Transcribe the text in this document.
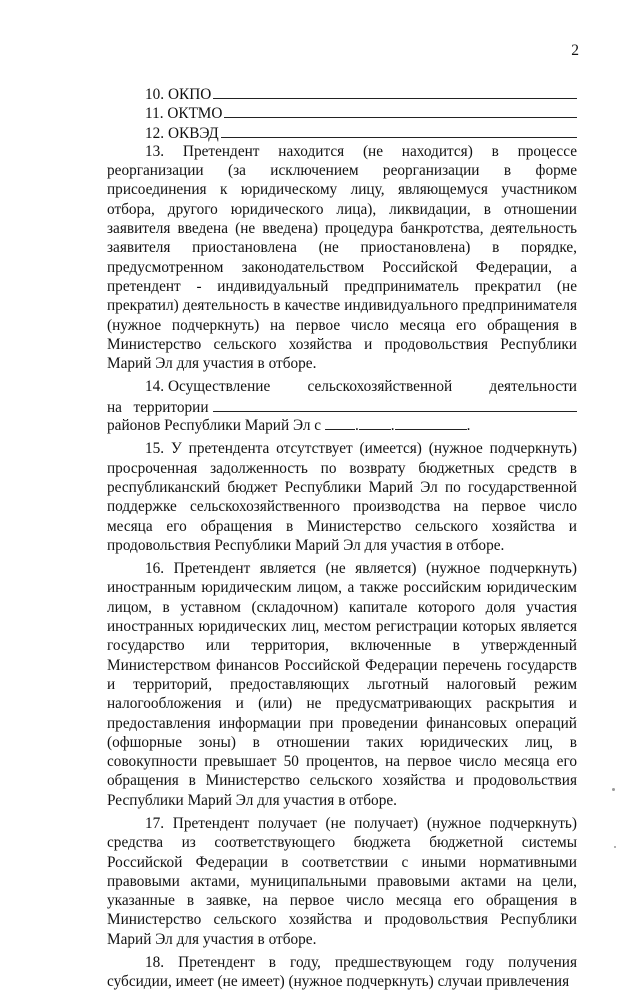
2
10. ОКПО
11. ОКТМО
12. ОКВЭД

13. Претендент находится (не находится) в процессе реорганизации (за исключением реорганизации в форме присоединения к юридическому лицу, являющемуся участником отбора, другого юридического лица), ликвидации, в отношении заявителя введена (не введена) процедура банкротства, деятельность заявителя приостановлена (не приостановлена) в порядке, предусмотренном законодательством Российской Федерации, а претендент - индивидуальный предприниматель прекратил (не прекратил) деятельность в качестве индивидуального предпринимателя (нужное подчеркнуть) на первое число месяца его обращения в Министерство сельского хозяйства и продовольствия Республики Марий Эл для участия в отборе.

14. Осуществление сельскохозяйственной деятельности
на   территории
районов Республики Марий Эл с . .	.

15. У претендента отсутствует (имеется) (нужное подчеркнуть) просроченная задолженность по возврату бюджетных средств в республиканский бюджет Республики Марий Эл по государственной поддержке сельскохозяйственного производства на первое число месяца его обращения в Министерство сельского хозяйства и продовольствия Республики Марий Эл для участия в отборе.

16. Претендент является (не является) (нужное подчеркнуть) иностранным юридическим лицом, а также российским юридическим лицом, в уставном (складочном) капитале которого доля участия иностранных юридических лиц, местом регистрации которых является государство или территория, включенные в утвержденный Министерством финансов Российской Федерации перечень государств и территорий, предоставляющих льготный налоговый режим налогообложения и (или) не предусматривающих раскрытия и предоставления информации при проведении финансовых операций (офшорные зоны) в отношении таких юридических лиц, в совокупности превышает 50 процентов, на первое число месяца его обращения в Министерство сельского хозяйства и продовольствия Республики Марий Эл для участия в отборе.

17. Претендент получает (не получает) (нужное подчеркнуть) средства из соответствующего бюджета бюджетной системы Российской Федерации в соответствии с иными нормативными правовыми актами, муниципальными правовыми актами на цели, указанные в заявке, на первое число месяца его обращения в Министерство сельского хозяйства и продовольствия Республики Марий Эл для участия в отборе.

18. Претендент в году, предшествующем году получения субсидии, имеет (не имеет) (нужное подчеркнуть) случаи привлечения
